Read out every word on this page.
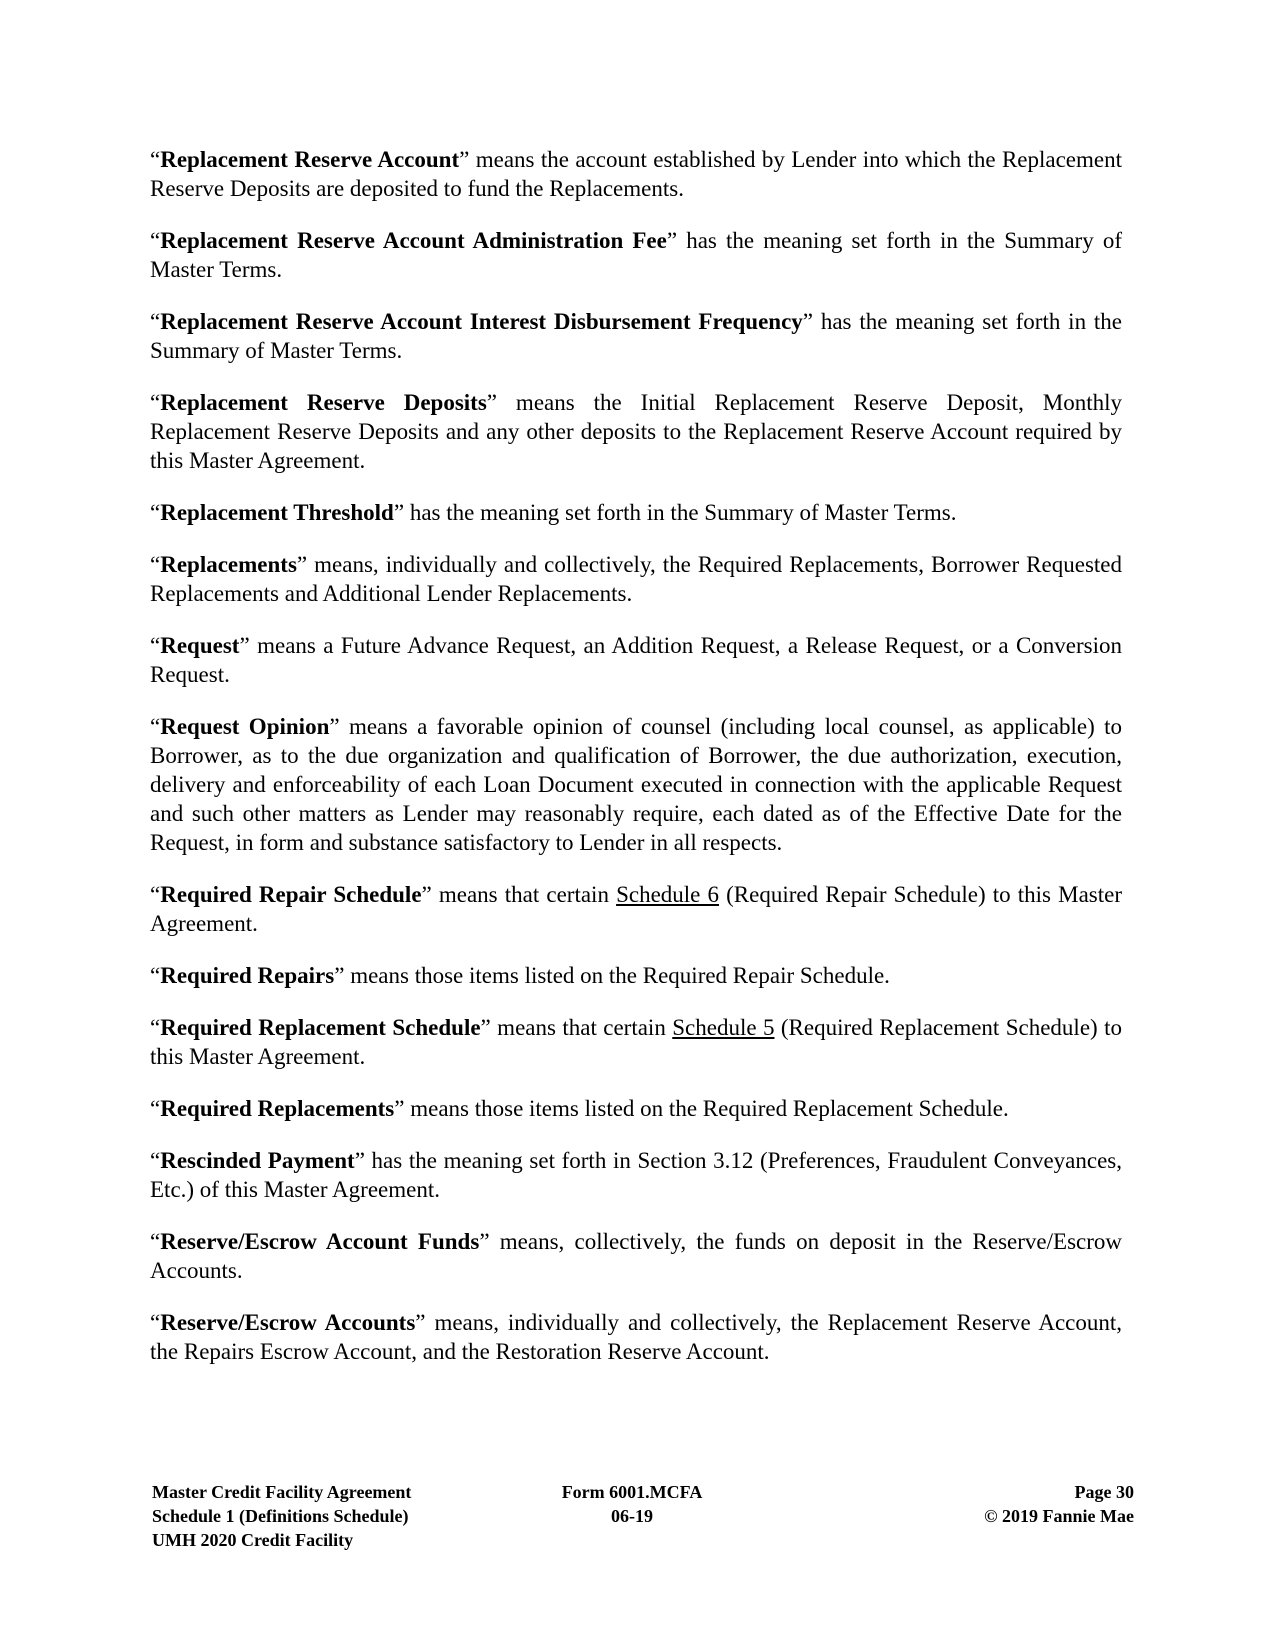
“Replacement Reserve Account” means the account established by Lender into which the Replacement Reserve Deposits are deposited to fund the Replacements.

“Replacement Reserve Account Administration Fee” has the meaning set forth in the Summary of Master Terms.

“Replacement Reserve Account Interest Disbursement Frequency” has the meaning set forth in the Summary of Master Terms.

“Replacement Reserve Deposits” means the Initial Replacement Reserve Deposit, Monthly Replacement Reserve Deposits and any other deposits to the Replacement Reserve Account required by this Master Agreement.

“Replacement Threshold” has the meaning set forth in the Summary of Master Terms.

“Replacements” means, individually and collectively, the Required Replacements, Borrower Requested Replacements and Additional Lender Replacements.

“Request” means a Future Advance Request, an Addition Request, a Release Request, or a Conversion Request.

“Request Opinion” means a favorable opinion of counsel (including local counsel, as applicable) to Borrower, as to the due organization and qualification of Borrower, the due authorization, execution, delivery and enforceability of each Loan Document executed in connection with the applicable Request and such other matters as Lender may reasonably require, each dated as of the Effective Date for the Request, in form and substance satisfactory to Lender in all respects.

“Required Repair Schedule” means that certain Schedule 6 (Required Repair Schedule) to this Master Agreement.

“Required Repairs” means those items listed on the Required Repair Schedule.

“Required Replacement Schedule” means that certain Schedule 5 (Required Replacement Schedule) to this Master Agreement.

“Required Replacements” means those items listed on the Required Replacement Schedule.

“Rescinded Payment” has the meaning set forth in Section 3.12 (Preferences, Fraudulent Conveyances, Etc.) of this Master Agreement.

“Reserve/Escrow Account Funds” means, collectively, the funds on deposit in the Reserve/Escrow Accounts.

“Reserve/Escrow Accounts” means, individually and collectively, the Replacement Reserve Account, the Repairs Escrow Account, and the Restoration Reserve Account.

Master Credit Facility Agreement
Schedule 1 (Definitions Schedule)
UMH 2020 Credit Facility
Form 6001.MCFA
06-19
Page 30
© 2019 Fannie Mae
